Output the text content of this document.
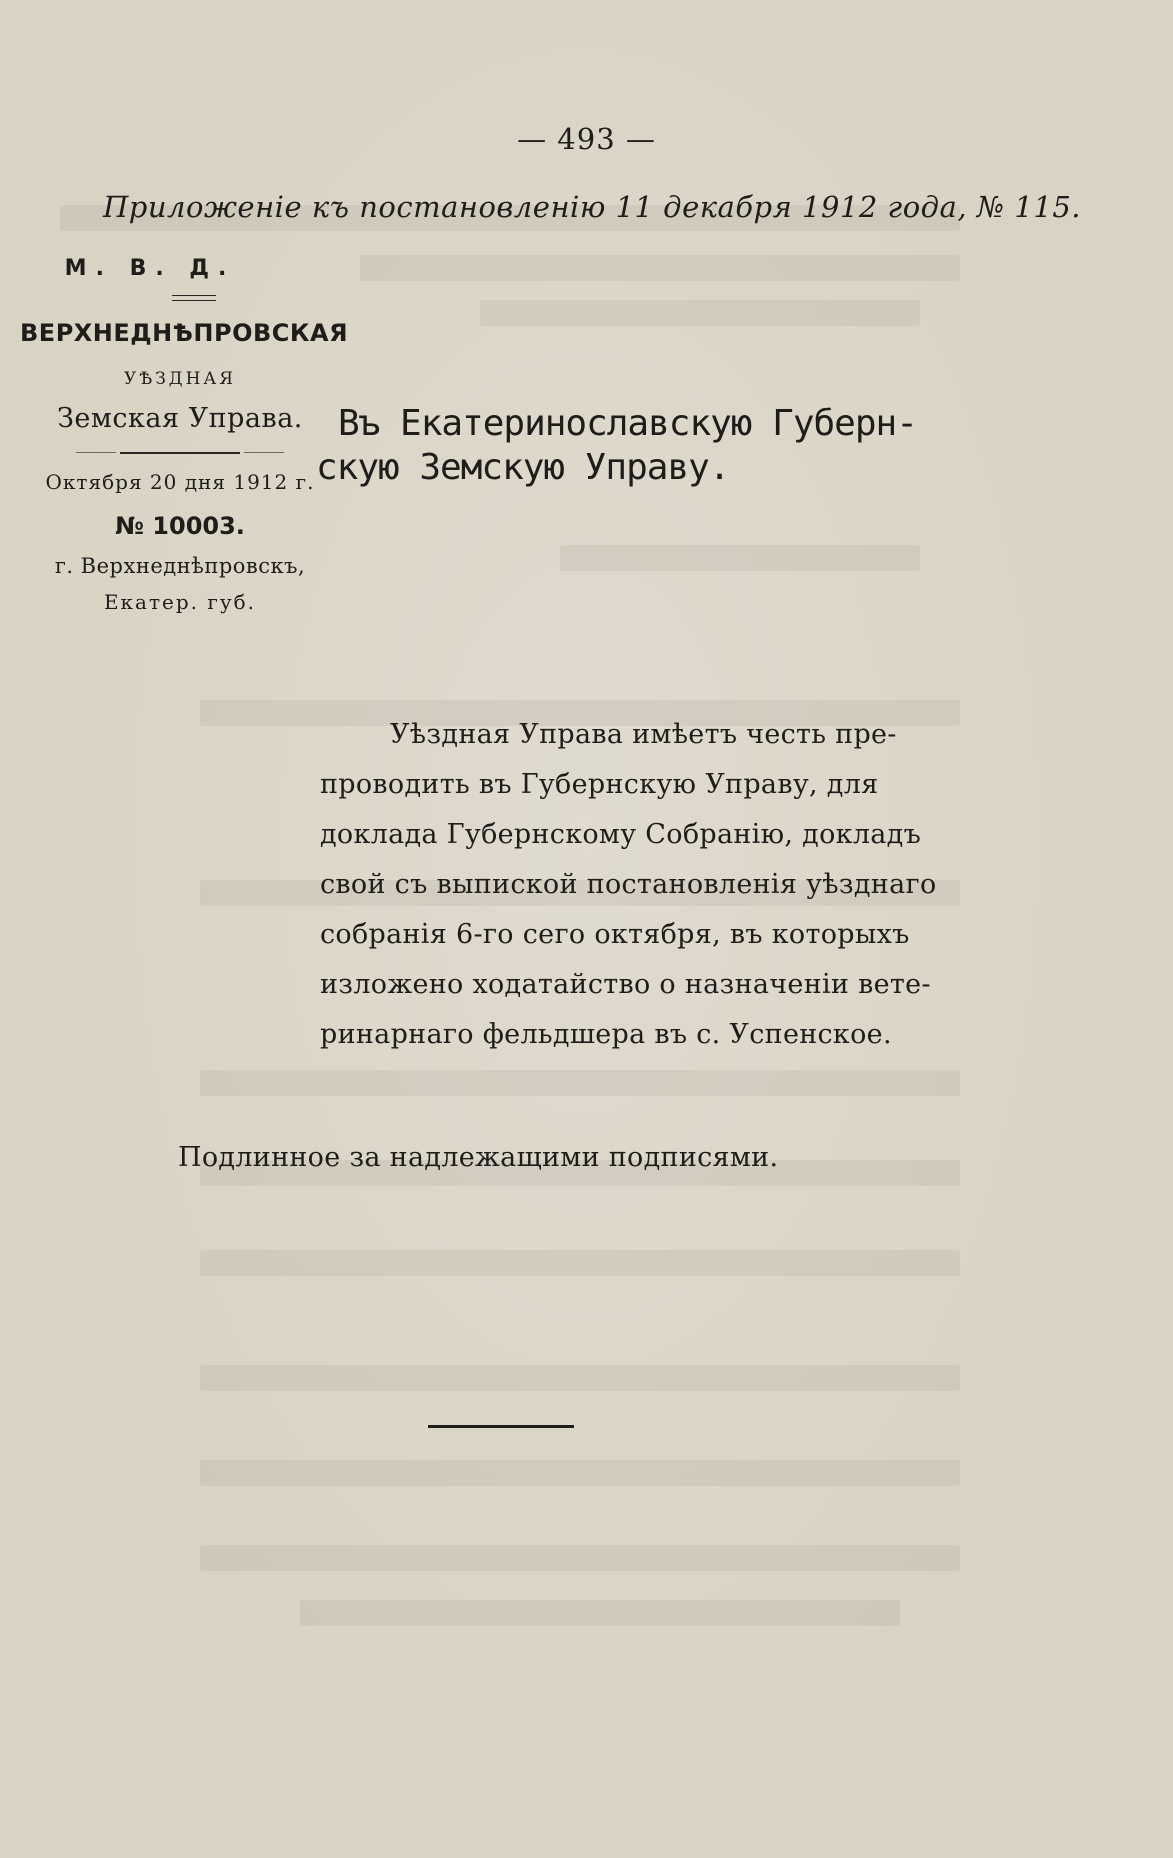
— 493 —
Приложенiе къ постановленiю 11 декабря 1912 года, № 115.
М. В. Д.
ВЕРХНЕДНѢПРОВСКАЯ
УѢЗДНАЯ
Земская Управа.
Октября 20 дня 1912 г.
№ 10003.
г. Верхнеднѣпровскъ,
Екатер. губ.
Въ Екатеринославскую Губерн-
скую Земскую Управу.
Уѣздная Управа имѣетъ честь пре-
проводить въ Губернскую Управу, для
доклада Губернскому Собранiю, докладъ
свой съ выпиской постановленiя уѣзднаго
собранiя 6-го сего октября, въ которыхъ
изложено ходатайство о назначенiи вете-
ринарнаго фельдшера въ с. Успенское.
Подлинное за надлежащими подписями.
